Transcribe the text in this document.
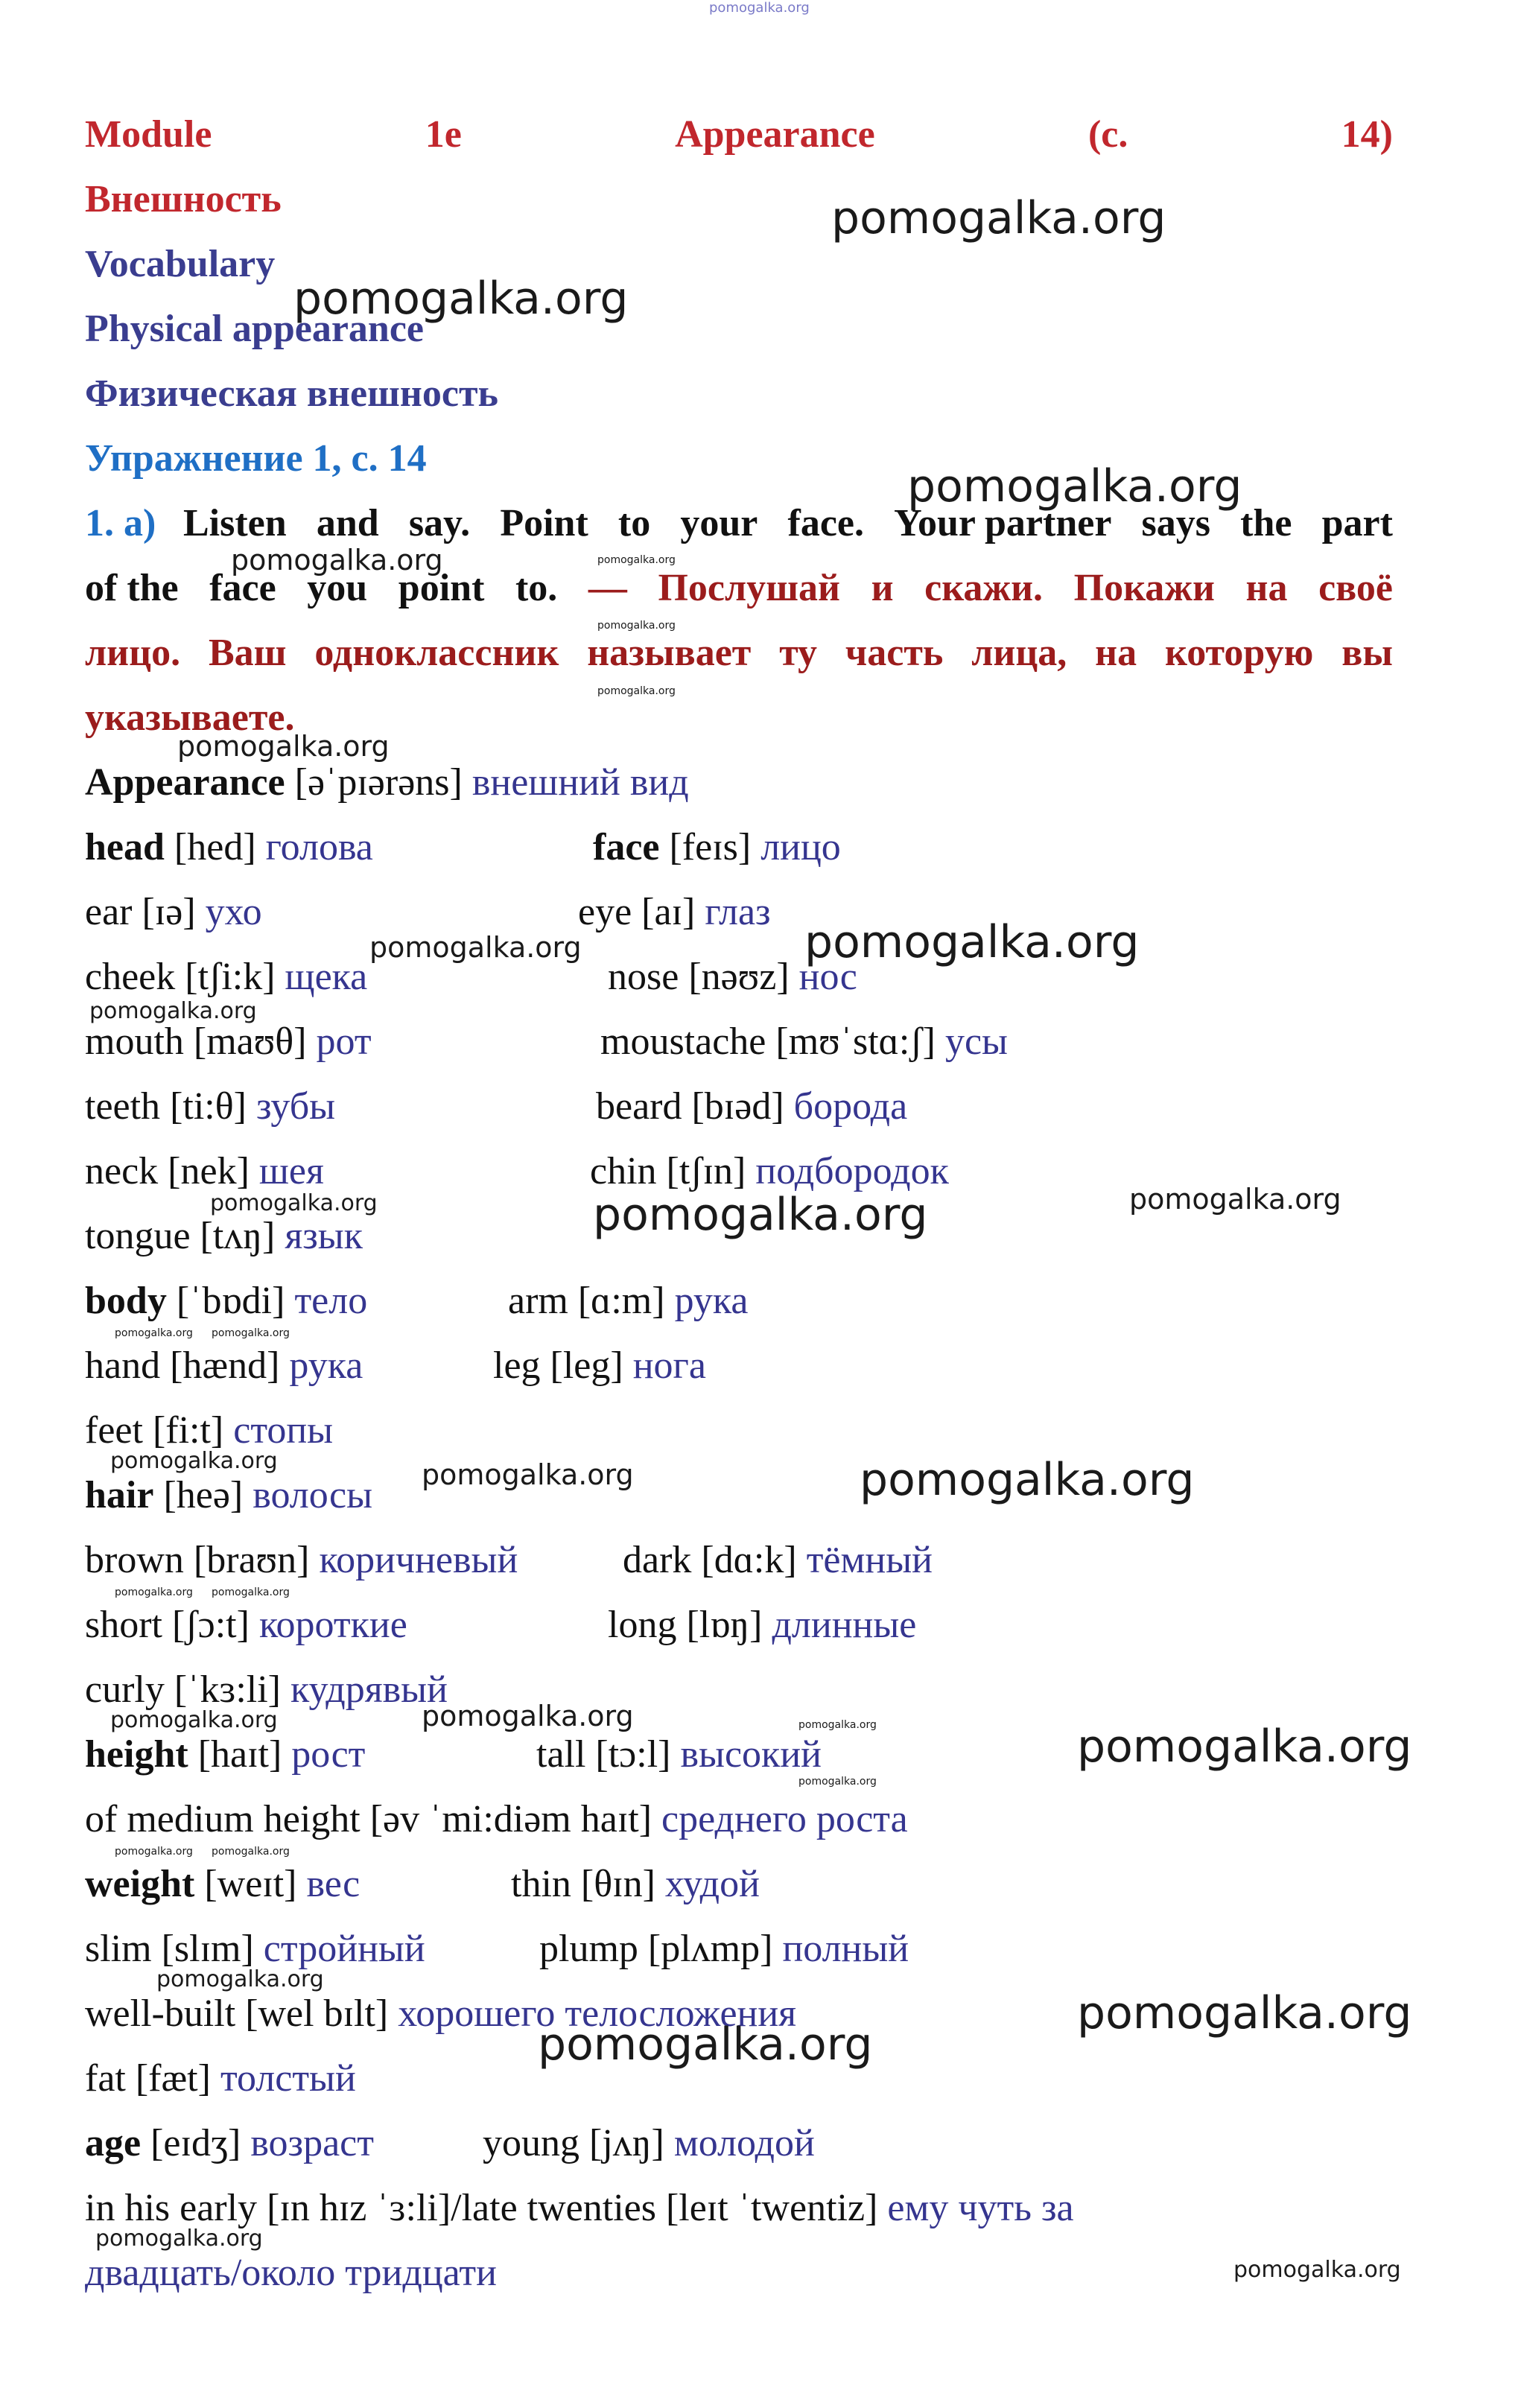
pomogalka.org
Module	1e	Appearance	(с.	14)
Внешность
Vocabulary
Physical appearance
Физическая внешность
Упражнение 1, с. 14
1. a) Listen and say. Point to your face. Your partner says the part
of the face you point to. — Послушай и скажи. Покажи на своё
лицо. Ваш одноклассник называет ту часть лица, на которую вы
указываете.
Appearance [əˈpɪərəns] внешний вид
head [hed] голова	face [feɪs] лицо
ear [ɪə] ухо	eye [aɪ] глаз
cheek [tʃi:k] щека	nose [nəʊz] нос
mouth [maʊθ] рот	moustache [mʊˈstɑ:ʃ] усы
teeth [ti:θ] зубы	beard [bɪəd] борода
neck [nek] шея	chin [tʃɪn] подбородок
tongue [tʌŋ] язык
body [ˈbɒdi] тело	arm [ɑ:m] рука
hand [hænd] рука	leg [leg] нога
feet [fi:t] стопы
hair [heə] волосы
brown [braʊn] коричневый	dark [dɑ:k] тёмный
short [ʃɔ:t] короткие	long [lɒŋ] длинные
curly [ˈkɜ:li] кудрявый
height [haɪt] рост	tall [tɔ:l] высокий
of medium height [əv ˈmi:diəm haɪt] среднего роста
weight [weɪt] вес	thin [θɪn] худой
slim [slɪm] стройный	plump [plʌmp] полный
well-built [wel bɪlt] хорошего телосложения
fat [fæt] толстый
age [eɪdʒ] возраст	young [jʌŋ] молодой
in his early [ɪn hɪz ˈɜ:li]/late twenties [leɪt ˈtwentiz] ему чуть за
двадцать/около тридцати
pomogalka.org
pomogalka.org
pomogalka.org
pomogalka.org	pomogalka.org
pomogalka.org
pomogalka.org
pomogalka.org
pomogalka.org	pomogalka.org
pomogalka.org
pomogalka.org	pomogalka.org	pomogalka.org
pomogalka.org pomogalka.org
pomogalka.org	pomogalka.org	pomogalka.org
pomogalka.org pomogalka.org
pomogalka.org	pomogalka.org	pomogalka.org
pomogalka.org
pomogalka.org
pomogalka.org pomogalka.org
pomogalka.org
pomogalka.org
pomogalka.org
pomogalka.org
pomogalka.org
